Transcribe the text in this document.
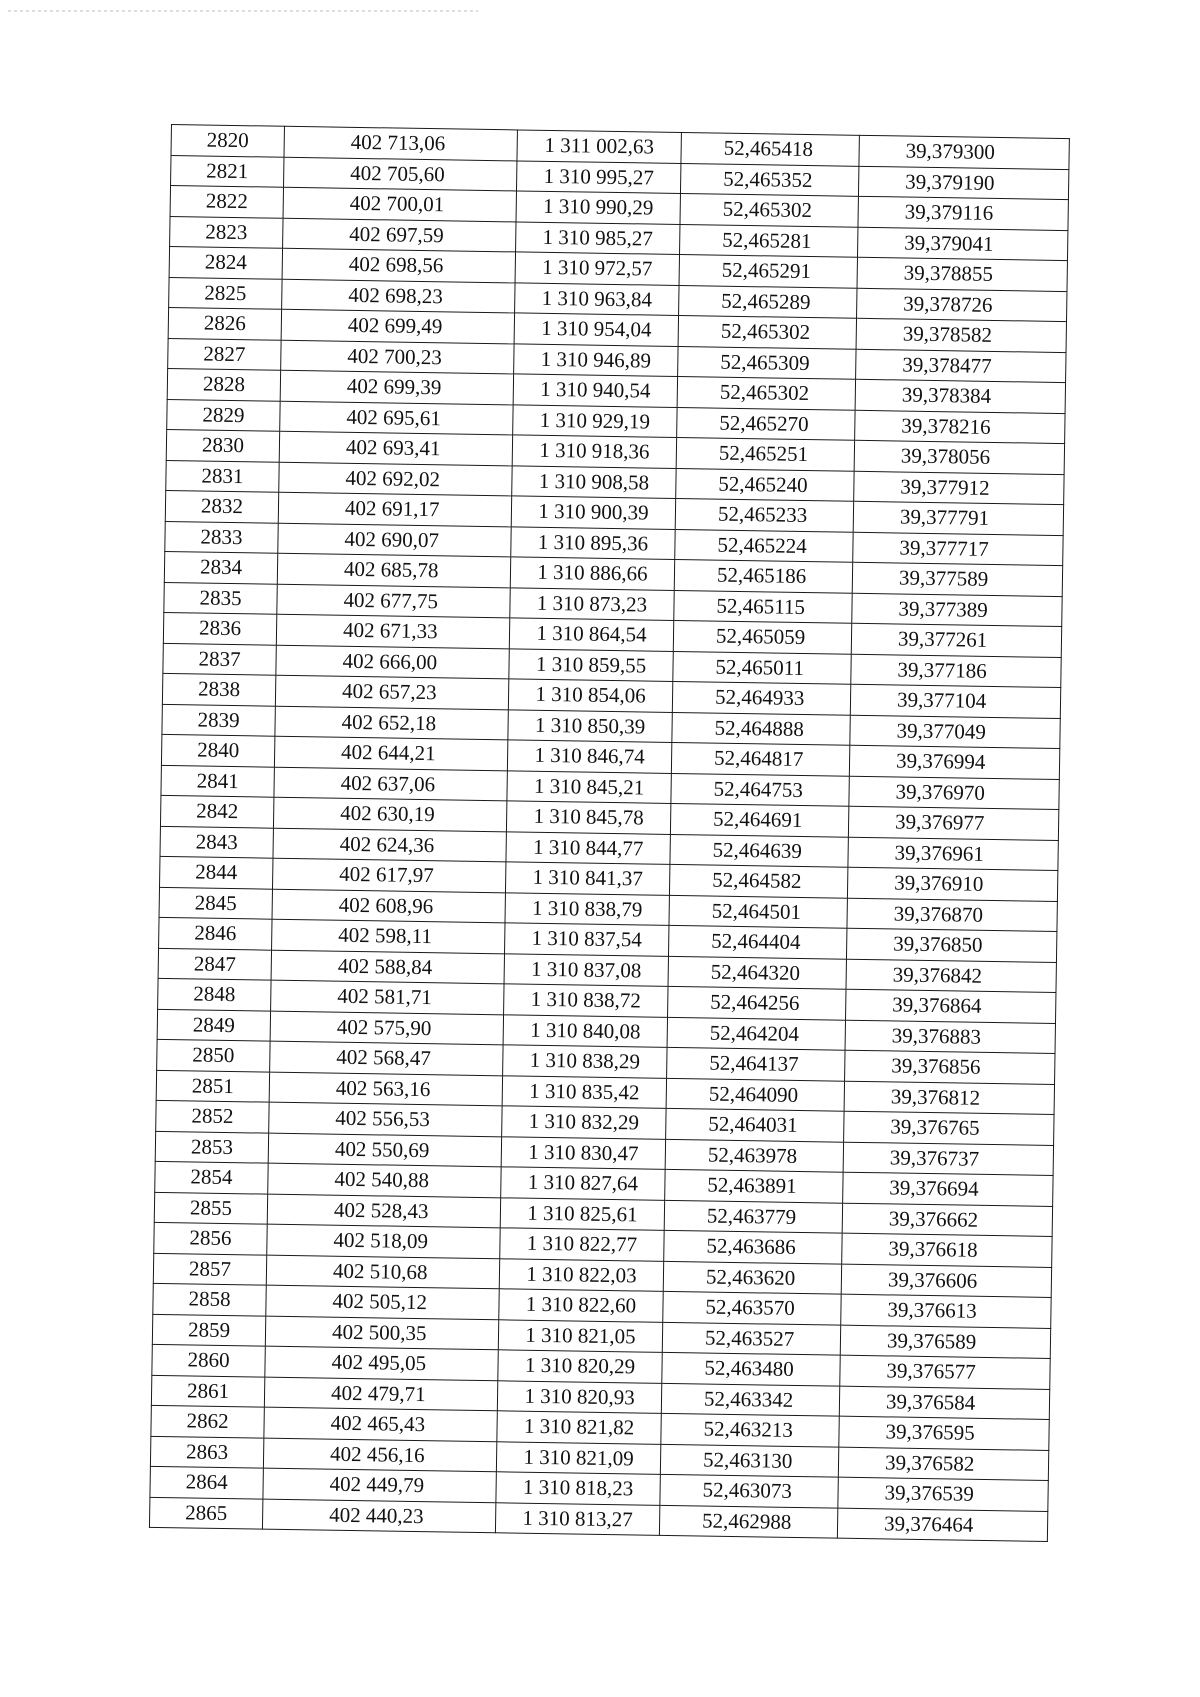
2820	402 713,06	1 311 002,63	52,465418	39,379300
2821	402 705,60	1 310 995,27	52,465352	39,379190
2822	402 700,01	1 310 990,29	52,465302	39,379116
2823	402 697,59	1 310 985,27	52,465281	39,379041
2824	402 698,56	1 310 972,57	52,465291	39,378855
2825	402 698,23	1 310 963,84	52,465289	39,378726
2826	402 699,49	1 310 954,04	52,465302	39,378582
2827	402 700,23	1 310 946,89	52,465309	39,378477
2828	402 699,39	1 310 940,54	52,465302	39,378384
2829	402 695,61	1 310 929,19	52,465270	39,378216
2830	402 693,41	1 310 918,36	52,465251	39,378056
2831	402 692,02	1 310 908,58	52,465240	39,377912
2832	402 691,17	1 310 900,39	52,465233	39,377791
2833	402 690,07	1 310 895,36	52,465224	39,377717
2834	402 685,78	1 310 886,66	52,465186	39,377589
2835	402 677,75	1 310 873,23	52,465115	39,377389
2836	402 671,33	1 310 864,54	52,465059	39,377261
2837	402 666,00	1 310 859,55	52,465011	39,377186
2838	402 657,23	1 310 854,06	52,464933	39,377104
2839	402 652,18	1 310 850,39	52,464888	39,377049
2840	402 644,21	1 310 846,74	52,464817	39,376994
2841	402 637,06	1 310 845,21	52,464753	39,376970
2842	402 630,19	1 310 845,78	52,464691	39,376977
2843	402 624,36	1 310 844,77	52,464639	39,376961
2844	402 617,97	1 310 841,37	52,464582	39,376910
2845	402 608,96	1 310 838,79	52,464501	39,376870
2846	402 598,11	1 310 837,54	52,464404	39,376850
2847	402 588,84	1 310 837,08	52,464320	39,376842
2848	402 581,71	1 310 838,72	52,464256	39,376864
2849	402 575,90	1 310 840,08	52,464204	39,376883
2850	402 568,47	1 310 838,29	52,464137	39,376856
2851	402 563,16	1 310 835,42	52,464090	39,376812
2852	402 556,53	1 310 832,29	52,464031	39,376765
2853	402 550,69	1 310 830,47	52,463978	39,376737
2854	402 540,88	1 310 827,64	52,463891	39,376694
2855	402 528,43	1 310 825,61	52,463779	39,376662
2856	402 518,09	1 310 822,77	52,463686	39,376618
2857	402 510,68	1 310 822,03	52,463620	39,376606
2858	402 505,12	1 310 822,60	52,463570	39,376613
2859	402 500,35	1 310 821,05	52,463527	39,376589
2860	402 495,05	1 310 820,29	52,463480	39,376577
2861	402 479,71	1 310 820,93	52,463342	39,376584
2862	402 465,43	1 310 821,82	52,463213	39,376595
2863	402 456,16	1 310 821,09	52,463130	39,376582
2864	402 449,79	1 310 818,23	52,463073	39,376539
2865	402 440,23	1 310 813,27	52,462988	39,376464
